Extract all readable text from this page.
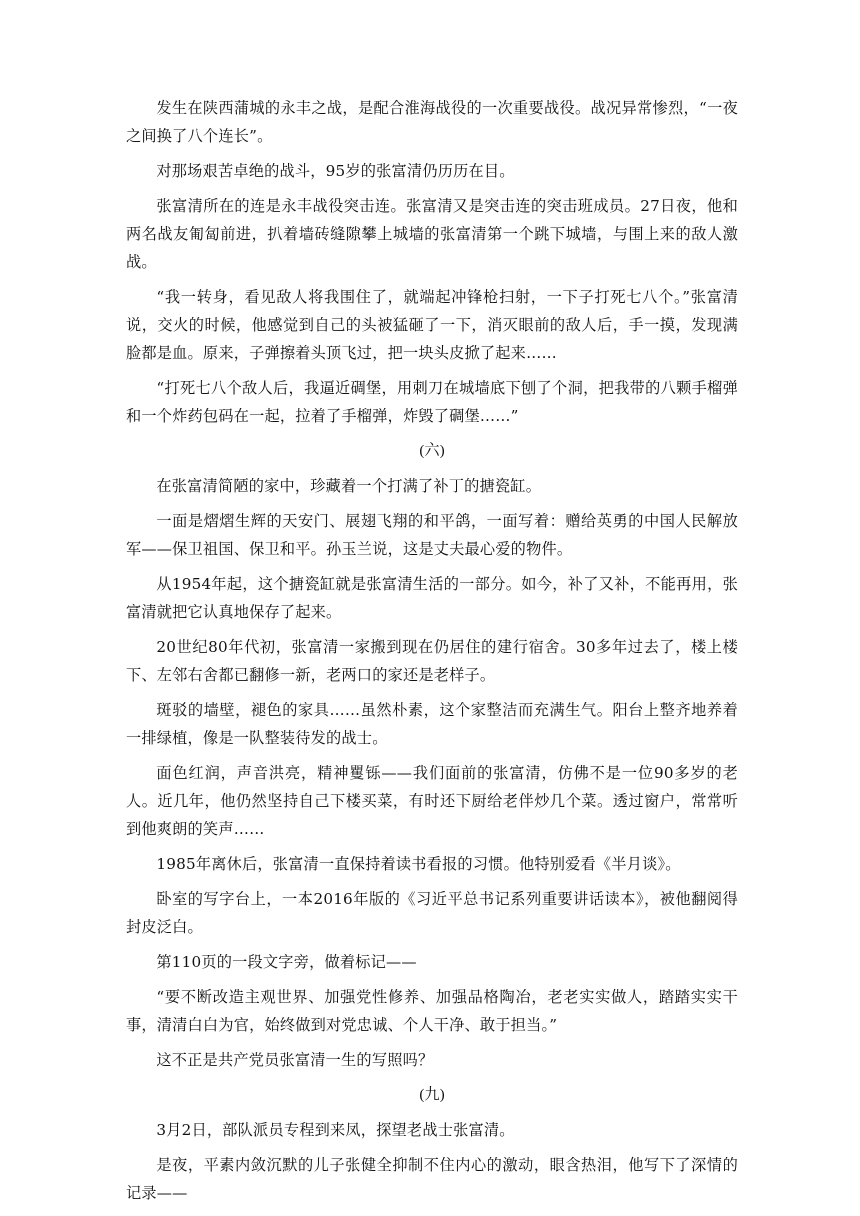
发生在陕西蒲城的永丰之战，是配合淮海战役的一次重要战役。战况异常惨烈，“一夜之间换了八个连长”。

对那场艰苦卓绝的战斗，95岁的张富清仍历历在目。

张富清所在的连是永丰战役突击连。张富清又是突击连的突击班成员。27日夜，他和两名战友匍匐前进，扒着墙砖缝隙攀上城墙的张富清第一个跳下城墙，与围上来的敌人激战。

“我一转身，看见敌人将我围住了，就端起冲锋枪扫射，一下子打死七八个。”张富清说，交火的时候，他感觉到自己的头被猛砸了一下，消灭眼前的敌人后，手一摸，发现满脸都是血。原来，子弹擦着头顶飞过，把一块头皮掀了起来……

“打死七八个敌人后，我逼近碉堡，用刺刀在城墙底下刨了个洞，把我带的八颗手榴弹和一个炸药包码在一起，拉着了手榴弹，炸毁了碉堡……”

(六)

在张富清简陋的家中，珍藏着一个打满了补丁的搪瓷缸。

一面是熠熠生辉的天安门、展翅飞翔的和平鸽，一面写着：赠给英勇的中国人民解放军——保卫祖国、保卫和平。孙玉兰说，这是丈夫最心爱的物件。

从1954年起，这个搪瓷缸就是张富清生活的一部分。如今，补了又补，不能再用，张富清就把它认真地保存了起来。

20世纪80年代初，张富清一家搬到现在仍居住的建行宿舍。30多年过去了，楼上楼下、左邻右舍都已翻修一新，老两口的家还是老样子。

斑驳的墙壁，褪色的家具……虽然朴素，这个家整洁而充满生气。阳台上整齐地养着一排绿植，像是一队整装待发的战士。

面色红润，声音洪亮，精神矍铄——我们面前的张富清，仿佛不是一位90多岁的老人。近几年，他仍然坚持自己下楼买菜，有时还下厨给老伴炒几个菜。透过窗户，常常听到他爽朗的笑声……

1985年离休后，张富清一直保持着读书看报的习惯。他特别爱看《半月谈》。

卧室的写字台上，一本2016年版的《习近平总书记系列重要讲话读本》，被他翻阅得封皮泛白。

第110页的一段文字旁，做着标记——

“要不断改造主观世界、加强党性修养、加强品格陶冶，老老实实做人，踏踏实实干事，清清白白为官，始终做到对党忠诚、个人干净、敢于担当。”

这不正是共产党员张富清一生的写照吗？

(九)

3月2日，部队派员专程到来凤，探望老战士张富清。

是夜，平素内敛沉默的儿子张健全抑制不住内心的激动，眼含热泪，他写下了深情的记录——
